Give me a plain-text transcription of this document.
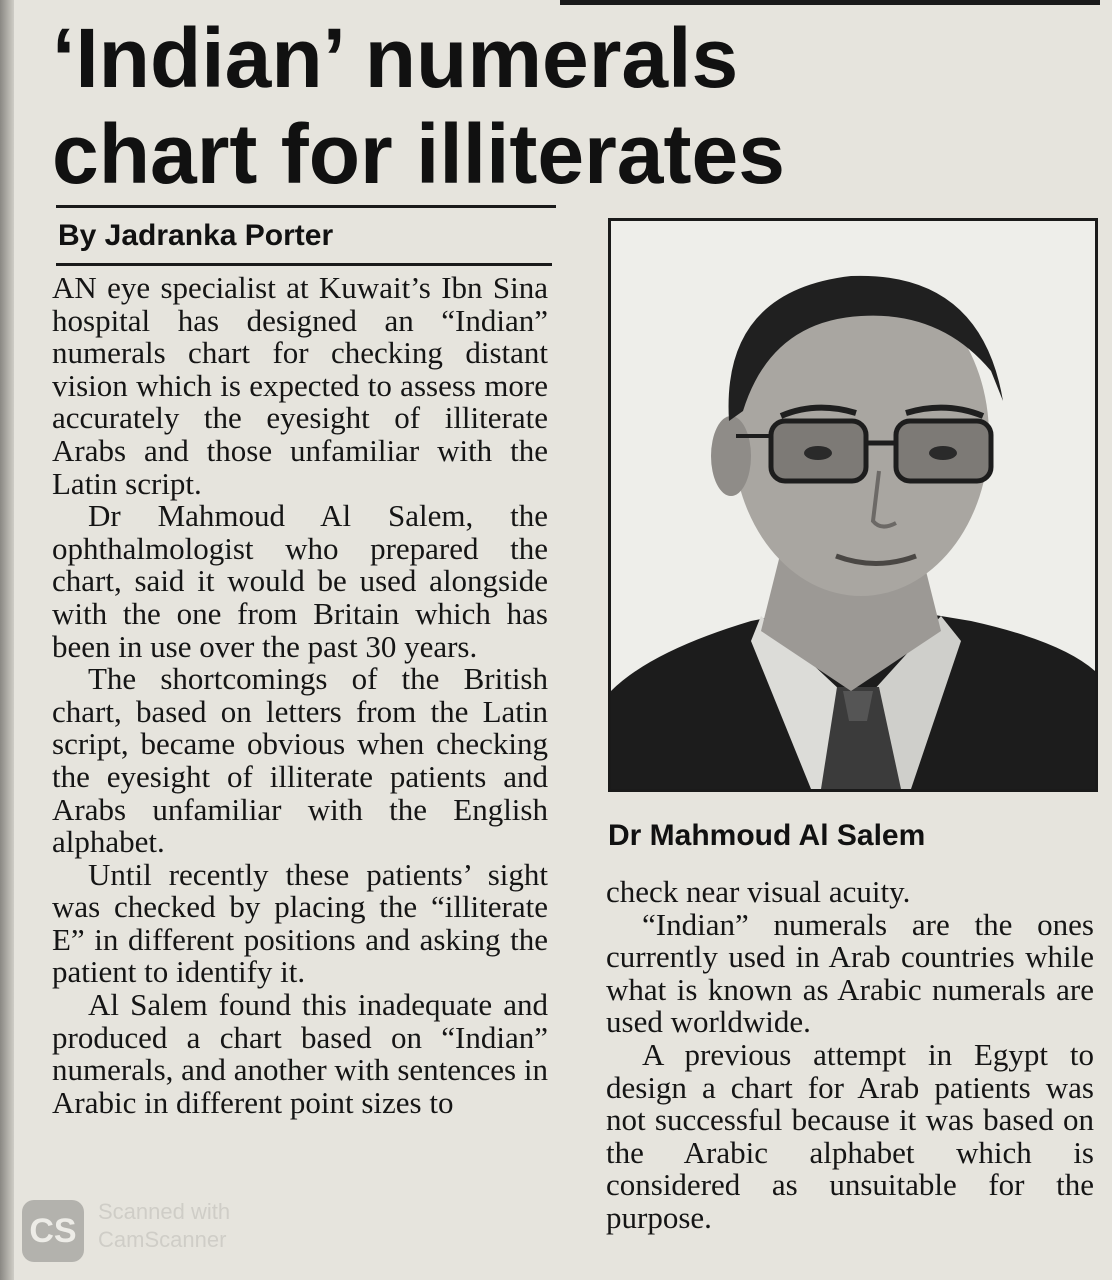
‘Indian’ numerals
chart for illiterates
By Jadranka Porter

AN eye specialist at Kuwait’s Ibn Sina hospital has designed an “Indian” numerals chart for checking distant vision which is expected to assess more accurately the eyesight of illiterate Arabs and those unfamiliar with the Latin script.

Dr Mahmoud Al Salem, the ophthalmologist who prepared the chart, said it would be used alongside with the one from Britain which has been in use over the past 30 years.

The shortcomings of the British chart, based on letters from the Latin script, became obvious when checking the eyesight of illiterate patients and Arabs unfamiliar with the English alphabet.

Until recently these patients’ sight was checked by placing the “illiterate E” in different positions and asking the patient to identify it.

Al Salem found this inadequate and produced a chart based on “Indian” numerals, and another with sentences in Arabic in different point sizes to

Dr Mahmoud Al Salem

check near visual acuity.

“Indian” numerals are the ones currently used in Arab countries while what is known as Arabic numerals are used worldwide.

A previous attempt in Egypt to design a chart for Arab patients was not successful because it was based on the Arabic alphabet which is considered as unsuitable for the purpose.

CS
Scanned with
CamScanner
